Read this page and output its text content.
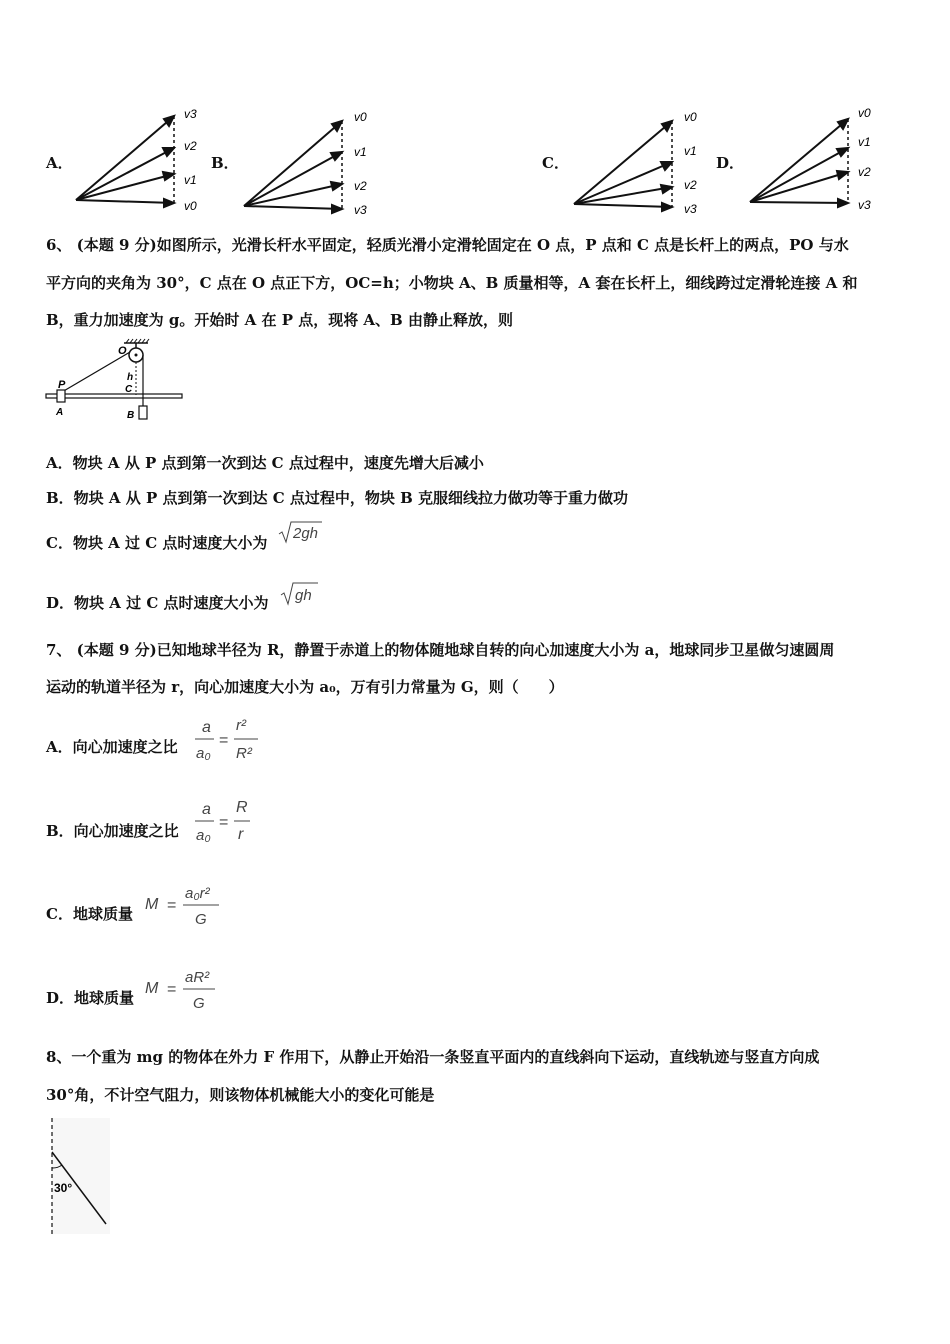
A．
v3
v2
v1
v0
B．
v0
v1
v2
v3
C．
v0
v1
v2
v3
D．
v0
v1
v2
v3
6、 (本题 9 分)如图所示，光滑长杆水平固定，轻质光滑小定滑轮固定在 O 点，P 点和 C 点是长杆上的两点，PO 与水
平方向的夹角为 30°，C 点在 O 点正下方，OC=h；小物块 A、B 质量相等，A 套在长杆上，细线跨过定滑轮连接 A 和
B，重力加速度为 g。开始时 A 在 P 点，现将 A、B 由静止释放，则
O
P
h
C
A	B
A．物块 A 从 P 点到第一次到达 C 点过程中，速度先增大后减小
B．物块 A 从 P 点到第一次到达 C 点过程中，物块 B 克服细线拉力做功等于重力做功
C．物块 A 过 C 点时速度大小为
2gh
D．物块 A 过 C 点时速度大小为 gh
7、 (本题 9 分)已知地球半径为 R，静置于赤道上的物体随地球自转的向心加速度大小为 a，地球同步卫星做匀速圆周
运动的轨道半径为 r，向心加速度大小为 a₀，万有引力常量为 G，则（　　）
A．向心加速度之比
a
a₀
=
r²
R²
B．向心加速度之比
a
a₀
=
R
r
C．地球质量
M =
a₀r²
G
D．地球质量
M =
aR²
G
8、一个重为 mg 的物体在外力 F 作用下，从静止开始沿一条竖直平面内的直线斜向下运动，直线轨迹与竖直方向成
30°角，不计空气阻力，则该物体机械能大小的变化可能是
30°
